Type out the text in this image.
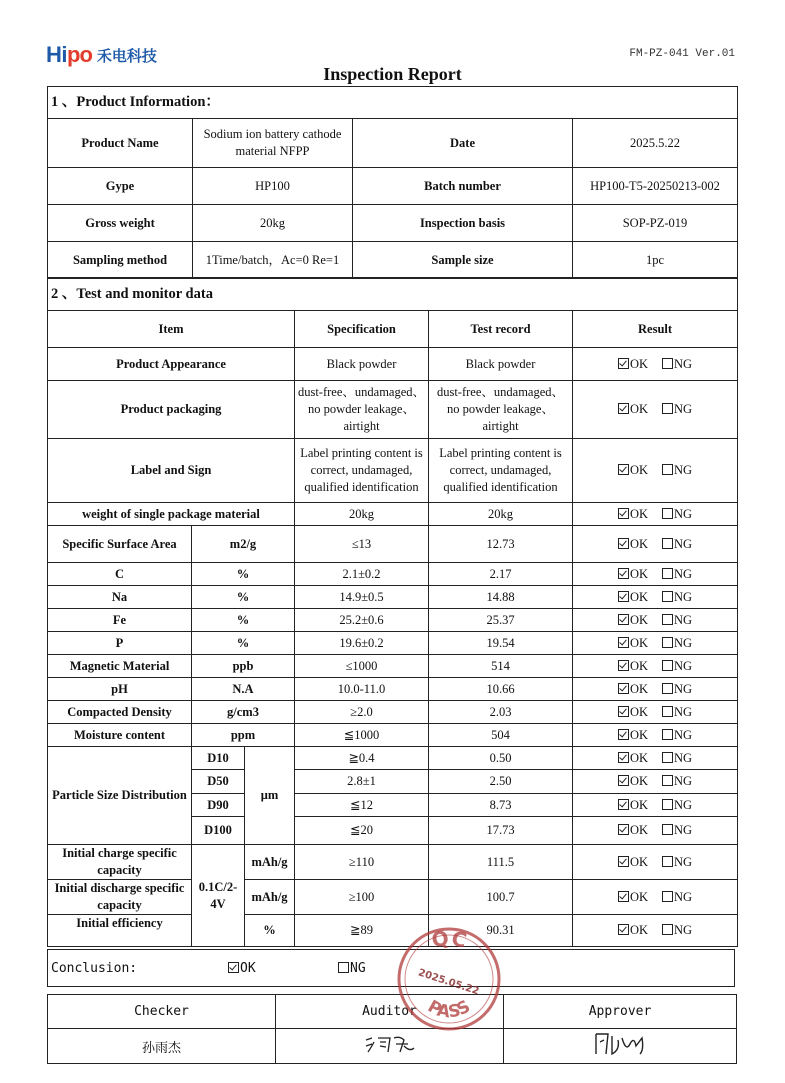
Hi po 禾电科技	FM-PZ-041 Ver.01
Inspection Report
1 、Product Information：			
Product Name	Sodium ion battery cathode material NFPP	Date	2025.5.22
Gype	HP100	Batch number	HP100-T5-20250213-002
Gross weight	20kg	Inspection basis	SOP-PZ-019
Sampling method	1Time/batch，Ac=0 Re=1	Sample size	1pc
2 、Test and monitor data					
Item			Specification	Test record	Result
Product Appearance			Black powder	Black powder	OK NG
Product packaging			dust-free、undamaged、no powder leakage、airtight	dust-free、undamaged、no powder leakage、airtight	OK NG
Label and Sign			Label printing content is correct, undamaged, qualified identification	Label printing content is correct, undamaged, qualified identification	OK NG
weight of single package material			20kg	20kg	OK NG
Specific Surface Area	m2/g		≤13	12.73	OK NG
C	%		2.1±0.2	2.17	OK NG
Na	%		14.9±0.5	14.88	OK NG
Fe	%		25.2±0.6	25.37	OK NG
P	%		19.6±0.2	19.54	OK NG
Magnetic Material	ppb		≤1000	514	OK NG
pH	N.A		10.0-11.0	10.66	OK NG
Compacted Density	g/cm3		≥2.0	2.03	OK NG
Moisture content	ppm		≦1000	504	OK NG
Particle Size Distribution	D10	μm	≧0.4	0.50	OK NG
	D50		2.8±1	2.50	OK NG
	D90		≦12	8.73	OK NG
	D100		≦20	17.73	OK NG
Initial charge specific capacity	0.1C/2-4V	mAh/g	≥110	111.5	OK NG
Initial discharge specific capacity		mAh/g	≥100	100.7	OK NG
Initial efficiency		%	≧89	90.31	OK NG
Conclusion:	OK	NG
Checker	Auditor	Approver
孙雨杰		
QC
2025.05.22
PASS
